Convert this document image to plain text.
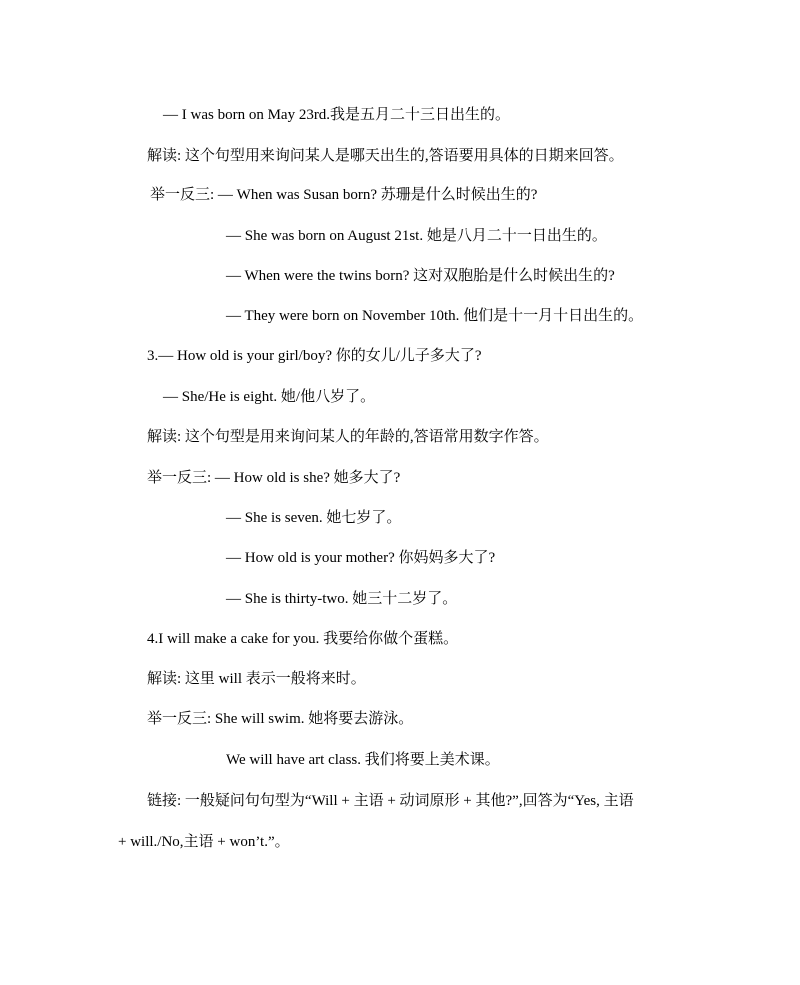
— I was born on May 23rd.我是五月二十三日出生的。
解读: 这个句型用来询问某人是哪天出生的,答语要用具体的日期来回答。
举一反三: — When was Susan born? 苏珊是什么时候出生的?
— She was born on August 21st. 她是八月二十一日出生的。
— When were the twins born? 这对双胞胎是什么时候出生的?
— They were born on November 10th. 他们是十一月十日出生的。
3.— How old is your girl/boy? 你的女儿/儿子多大了?
— She/He is eight. 她/他八岁了。
解读: 这个句型是用来询问某人的年龄的,答语常用数字作答。
举一反三: — How old is she? 她多大了?
— She is seven. 她七岁了。
— How old is your mother? 你妈妈多大了?
— She is thirty-two. 她三十二岁了。
4.I will make a cake for you. 我要给你做个蛋糕。
解读: 这里 will 表示一般将来时。
举一反三: She will swim. 她将要去游泳。
We will have art class. 我们将要上美术课。
链接: 一般疑问句句型为“Will + 主语 + 动词原形 + 其他?”,回答为“Yes, 主语
+ will./No,主语 + won’t.”。
